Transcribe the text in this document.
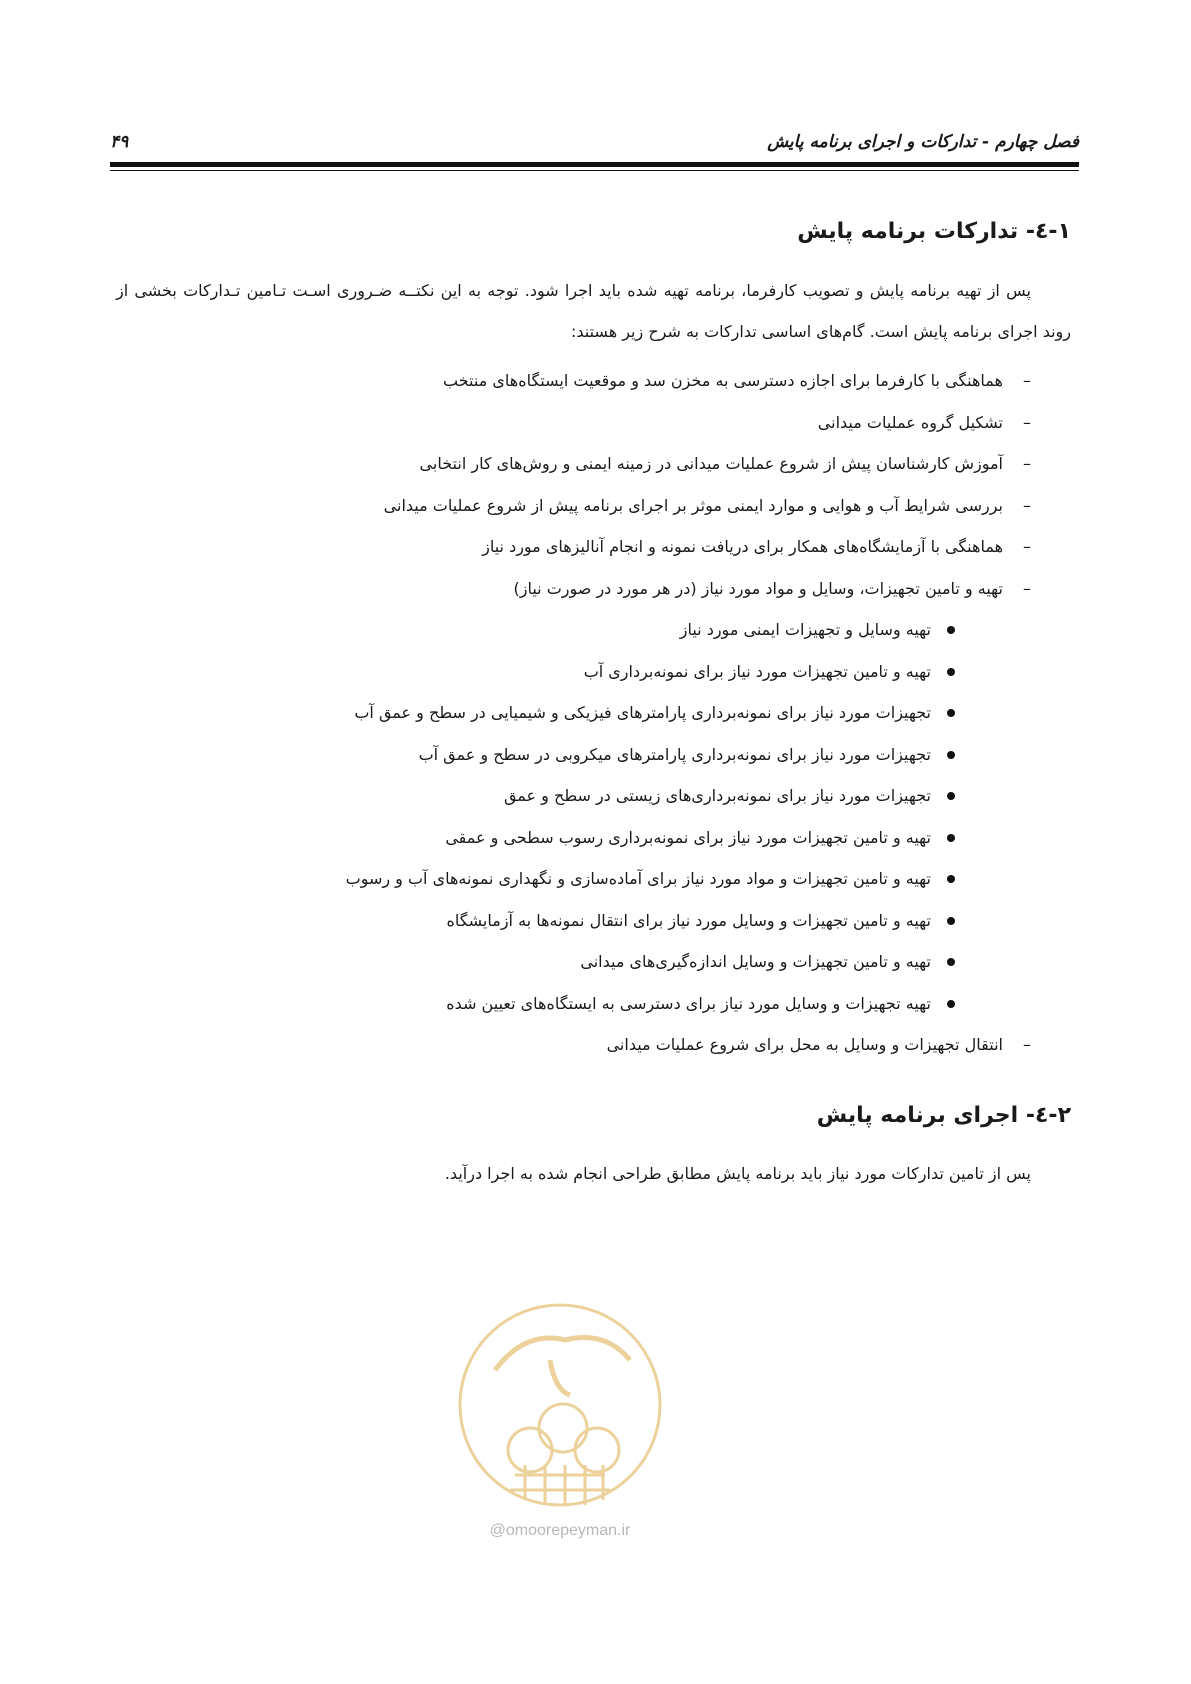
فصل چهارم - تدارکات و اجرای برنامه پایش
۴۹
۱-٤- تدارکات برنامه پایش

پس از تهیه برنامه پایش و تصویب کارفرما، برنامه تهیه شده باید اجرا شود. توجه به این نکتــه ضـروری اسـت تـامین تـدارکات بخشی از روند اجرای برنامه پایش است. گام‌های اساسی تدارکات به شرح زیر هستند:

– هماهنگی با کارفرما برای اجازه دسترسی به مخزن سد و موقعیت ایستگاه‌های منتخب
– تشکیل گروه عملیات میدانی
– آموزش کارشناسان پیش از شروع عملیات میدانی در زمینه ایمنی و روش‌های کار انتخابی
– بررسی شرایط آب و هوایی و موارد ایمنی موثر بر اجرای برنامه پیش از شروع عملیات میدانی
– هماهنگی با آزمایشگاه‌های همکار برای دریافت نمونه و انجام آنالیزهای مورد نیاز
– تهیه و تامین تجهیزات، وسایل و مواد مورد نیاز (در هر مورد در صورت نیاز)
تهیه وسایل و تجهیزات ایمنی مورد نیاز
تهیه و تامین تجهیزات مورد نیاز برای نمونه‌برداری آب
تجهیزات مورد نیاز برای نمونه‌برداری پارامترهای فیزیکی و شیمیایی در سطح و عمق آب
تجهیزات مورد نیاز برای نمونه‌برداری پارامترهای میکروبی در سطح و عمق آب
تجهیزات مورد نیاز برای نمونه‌برداری‌های زیستی در سطح و عمق
تهیه و تامین تجهیزات مورد نیاز برای نمونه‌برداری رسوب سطحی و عمقی
تهیه و تامین تجهیزات و مواد مورد نیاز برای آماده‌سازی و نگهداری نمونه‌های آب و رسوب
تهیه و تامین تجهیزات و وسایل مورد نیاز برای انتقال نمونه‌ها به آزمایشگاه
تهیه و تامین تجهیزات و وسایل اندازه‌گیری‌های میدانی
تهیه تجهیزات و وسایل مورد نیاز برای دسترسی به ایستگاه‌های تعیین شده
– انتقال تجهیزات و وسایل به محل برای شروع عملیات میدانی
۲-٤- اجرای برنامه پایش

پس از تامین تدارکات مورد نیاز باید برنامه پایش مطابق طراحی انجام شده به اجرا درآید.

@omoorepeyman.ir
